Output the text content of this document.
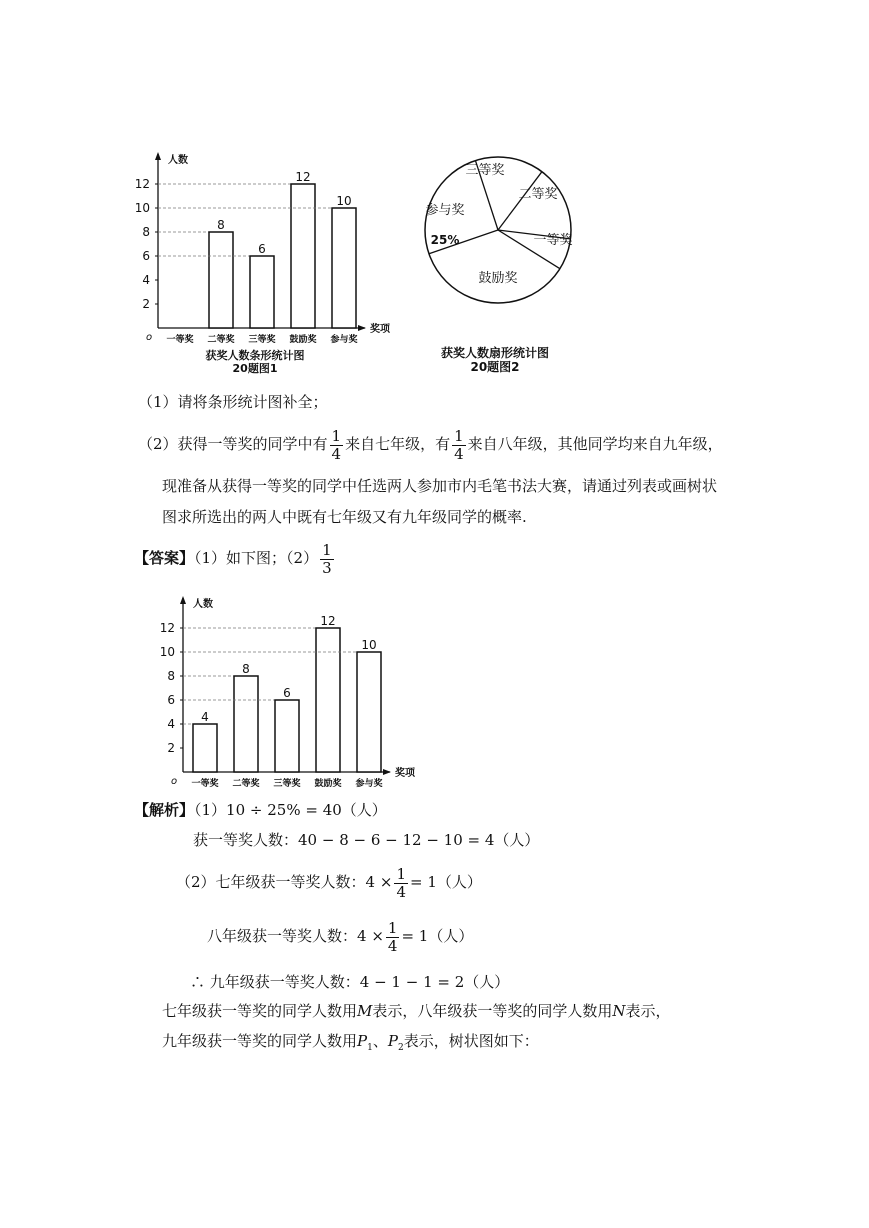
人数
奖项
o
2
4
6
8
10
12
一等奖 二等奖
8
三等奖
6
鼓励奖
12
参与奖
10
获奖人数条形统计图
20题图1
三等奖
二等奖
一等奖
鼓励奖
参与奖
25%
获奖人数扇形统计图
20题图2
（1）请将条形统计图补全；
（2）获得一等奖的同学中有 $\frac{1}{4}$ 来自七年级，有 $\frac{1}{4}$ 来自八年级，其他同学均来自九年级，
现准备从获得一等奖的同学中任选两人参加市内毛笔书法大赛，请通过列表或画树状
图求所选出的两人中既有七年级又有九年级同学的概率.
【答案】（1）如下图；$(2) \frac{1}{3}$
人数
奖项
o
2
4
6
8
10
12
一等奖
4
二等奖
8
三等奖
6
鼓励奖
12
参与奖
10
【解析】（1）10 ÷ 25% = 40（人）
获一等奖人数：40 − 8 − 6 − 12 − 10 = 4（人）
（2）七年级获一等奖人数：$4 \times \frac{1}{4} = 1$（人）
八年级获一等奖人数：$4 \times \frac{1}{4} = 1$（人）
∴ 九年级获一等奖人数：4 − 1 − 1 = 2（人）
七年级获一等奖的同学人数用M表示，八年级获一等奖的同学人数用N表示，
九年级获一等奖的同学人数用$P_1$、$P_2$表示，树状图如下：
